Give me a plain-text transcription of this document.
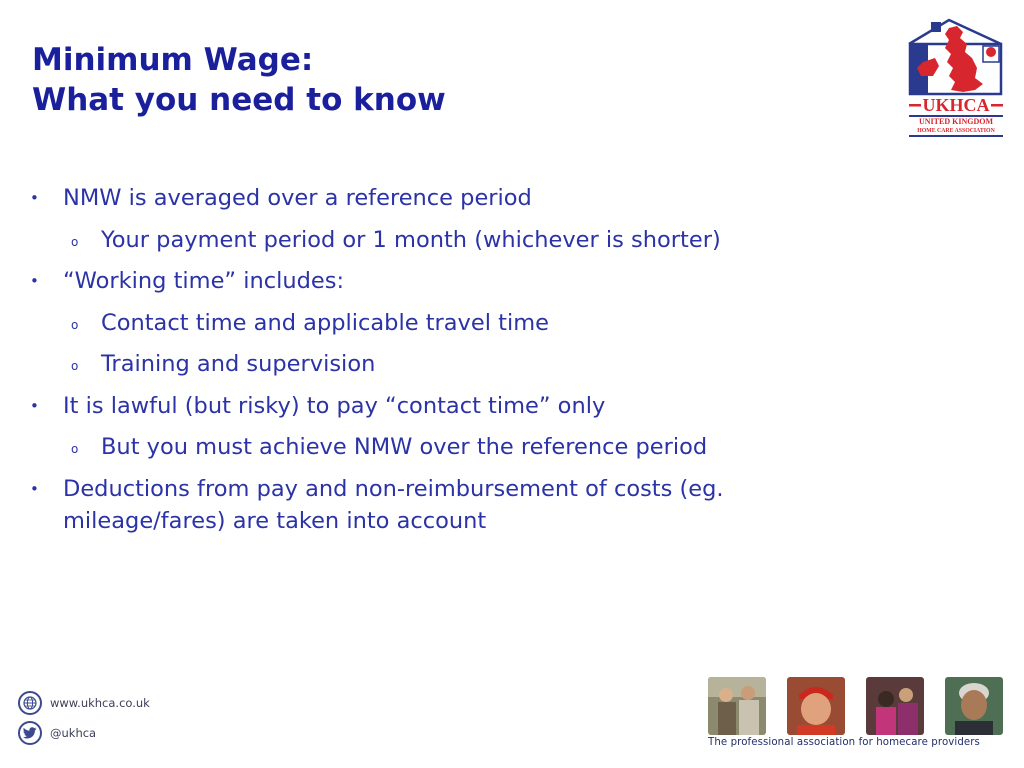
Minimum Wage:
What you need to know	UKHCA
UNITED KINGDOM
HOME CARE ASSOCIATION
• NMW is averaged over a reference period
o Your payment period or 1 month (whichever is shorter)
• “Working time” includes:
o Contact time and applicable travel time
o Training and supervision
• It is lawful (but risky) to pay “contact time” only
o But you must achieve NMW over the reference period
• Deductions from pay and non-reimbursement of costs (eg. mileage/fares) are taken into account
www.ukhca.co.uk
@ukhca
The professional association for homecare providers
